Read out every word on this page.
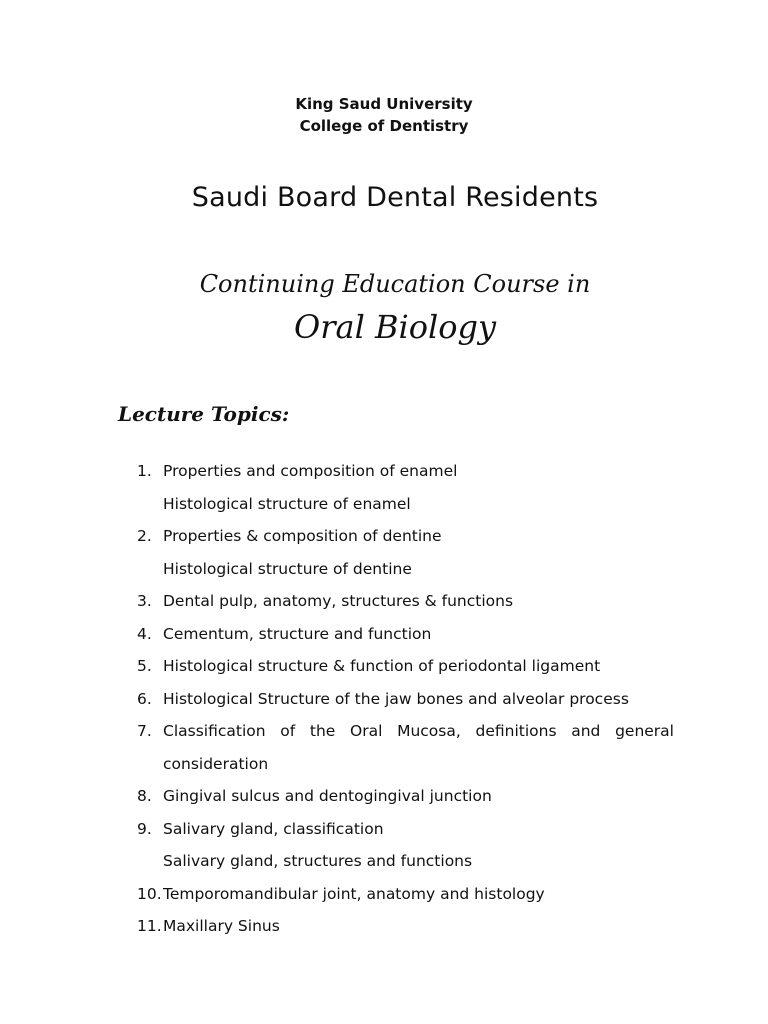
King Saud University
College of Dentistry
Saudi Board Dental Residents
Continuing Education Course in
Oral Biology
Lecture Topics:
1. Properties and composition of enamel
Histological structure of enamel
2. Properties & composition of dentine
Histological structure of dentine
3. Dental pulp, anatomy, structures & functions
4. Cementum, structure and function
5. Histological structure & function of periodontal ligament
6. Histological Structure of the jaw bones and alveolar process
7. Classification of the Oral Mucosa, definitions and general
consideration
8. Gingival sulcus and dentogingival junction
9. Salivary gland, classification
Salivary gland, structures and functions
10. Temporomandibular joint, anatomy and histology
11. Maxillary Sinus
